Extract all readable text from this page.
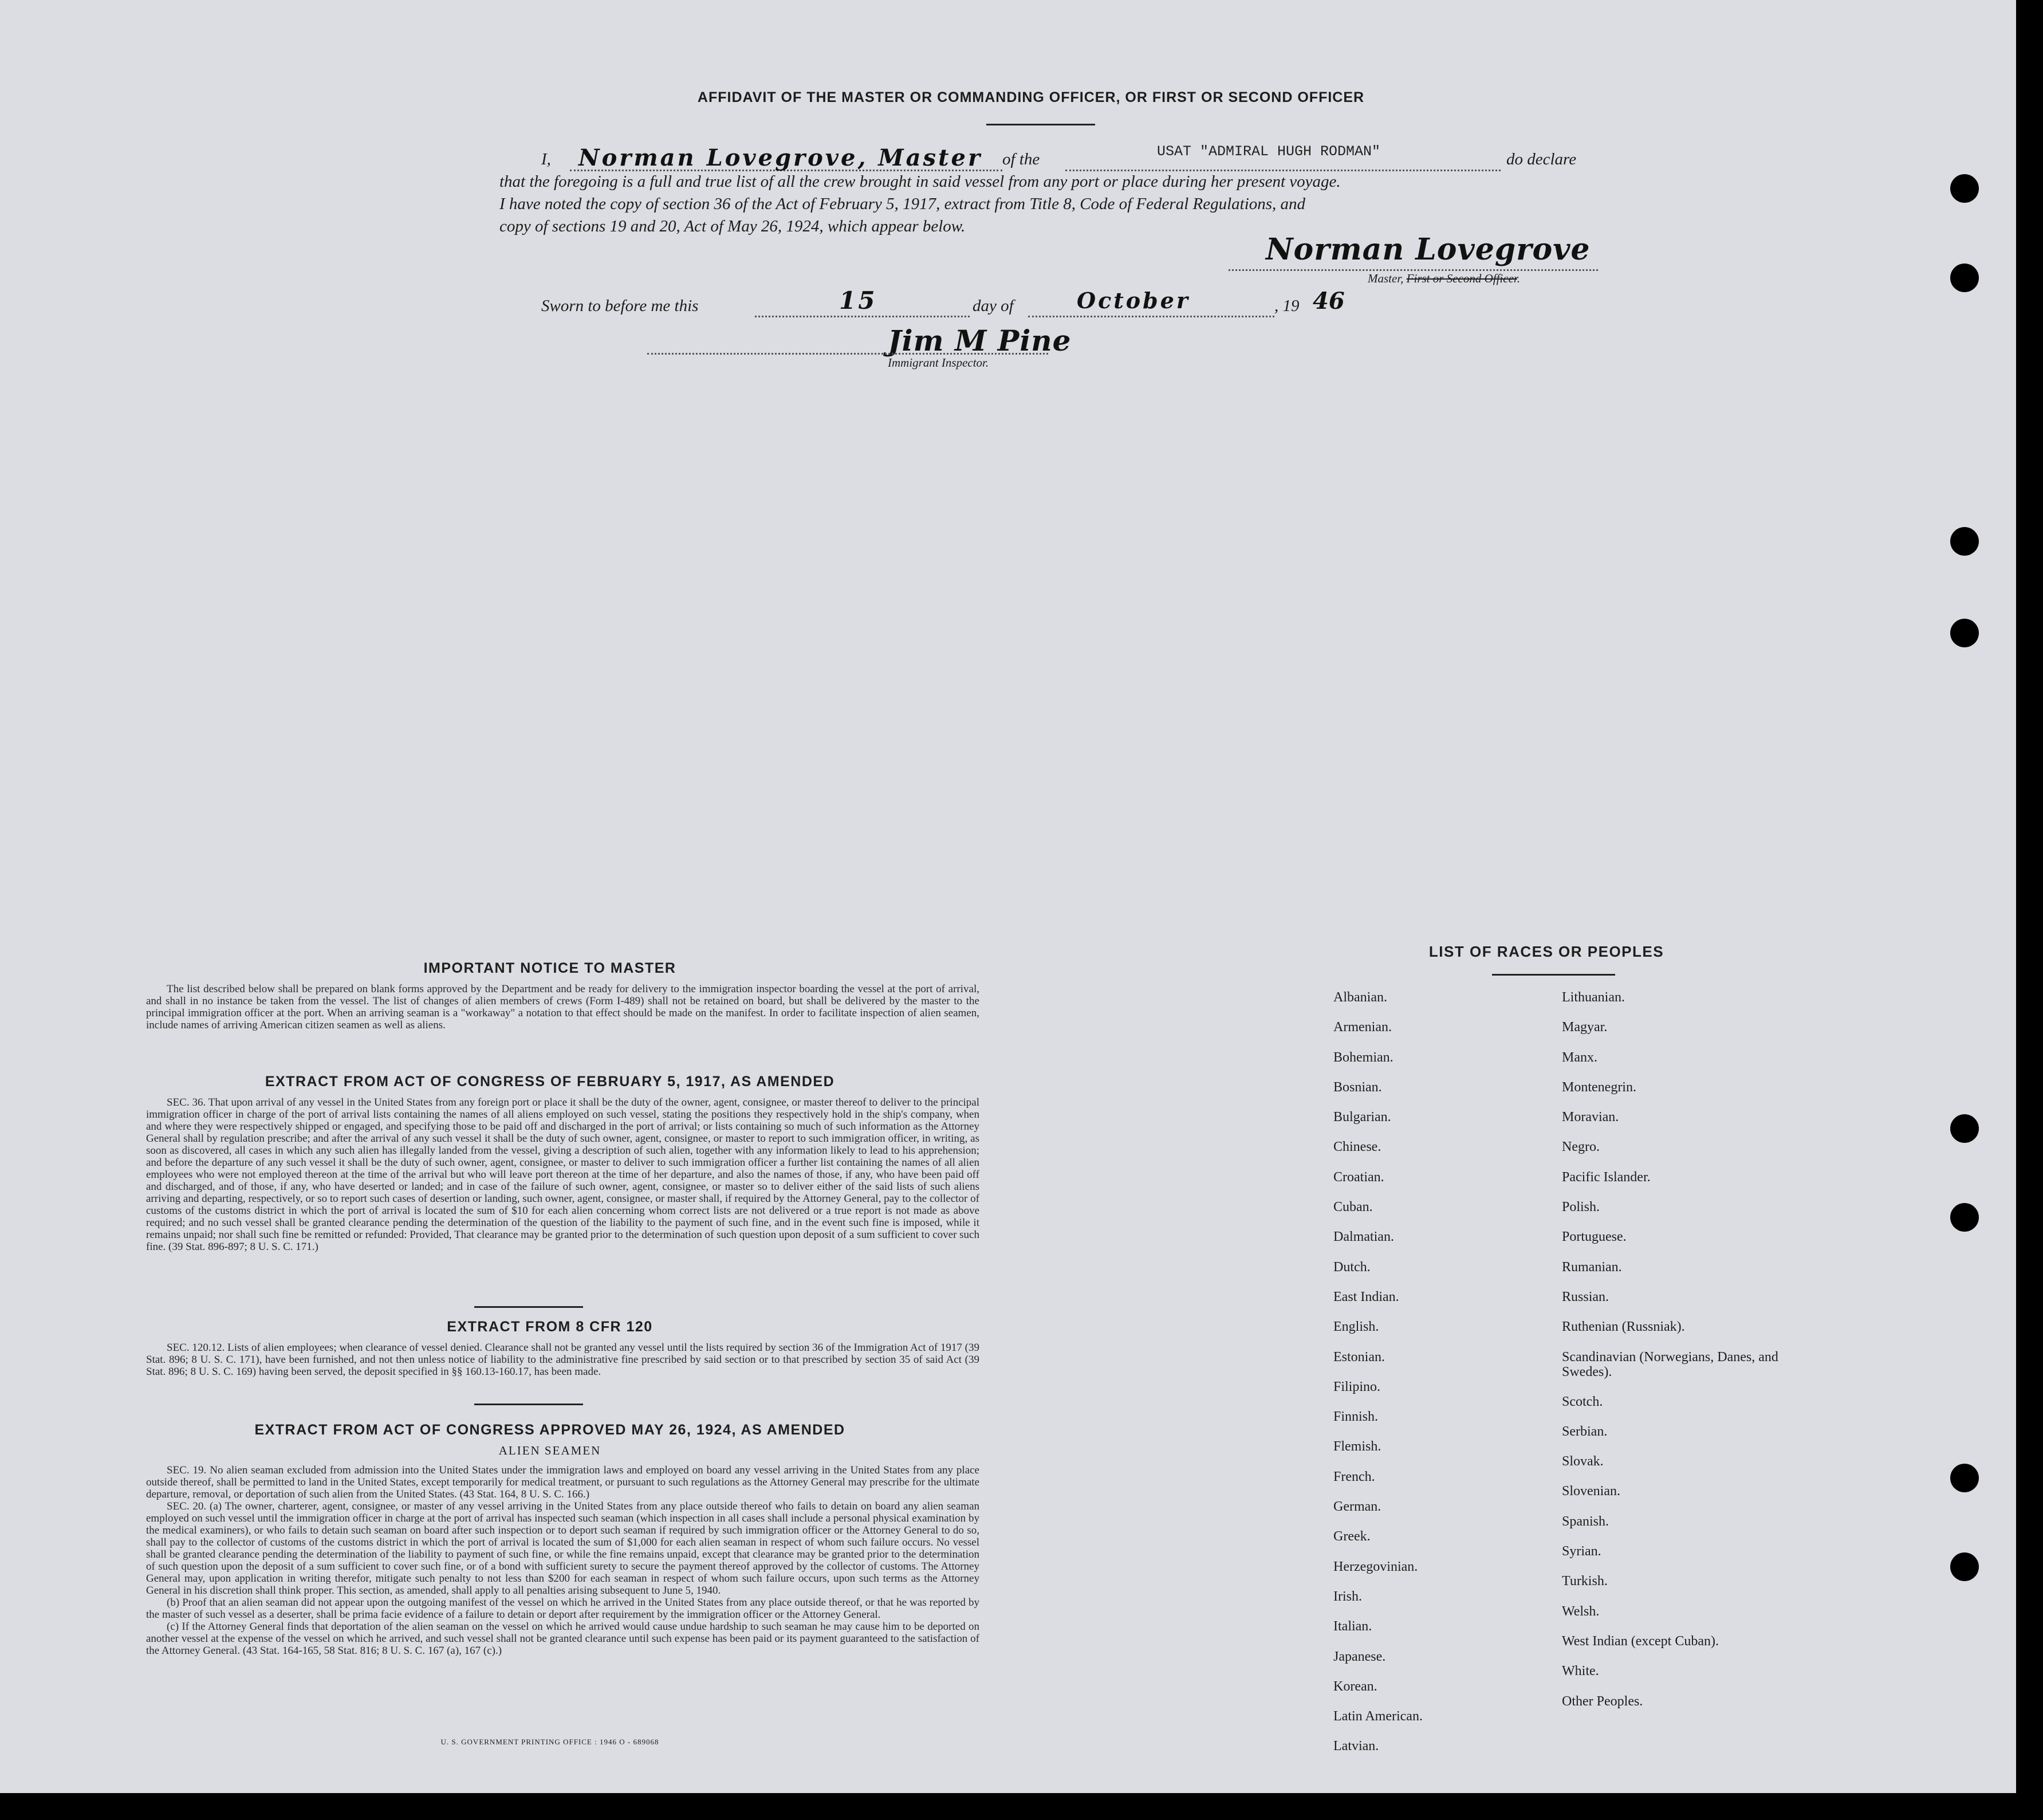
AFFIDAVIT OF THE MASTER OR COMMANDING OFFICER, OR FIRST OR SECOND OFFICER
I, Norman Lovegrove, Master of the	USAT "ADMIRAL HUGH RODMAN"	do declare
that the foregoing is a full and true list of all the crew brought in said vessel from any port or place during her present voyage.
I have noted the copy of section 36 of the Act of February 5, 1917, extract from Title 8, Code of Federal Regulations, and
copy of sections 19 and 20, Act of May 26, 1924, which appear below.
Norman Lovegrove
Master, First or Second Officer.
Sworn to before me this	15	day of	October	, 19 46
Jim M Pine
Immigrant Inspector.
IMPORTANT NOTICE TO MASTER

The list described below shall be prepared on blank forms approved by the Department and be ready for delivery to the immigration inspector boarding the vessel at the port of arrival, and shall in no instance be taken from the vessel. The list of changes of alien members of crews (Form I-489) shall not be retained on board, but shall be delivered by the master to the principal immigration officer at the port. When an arriving seaman is a "workaway" a notation to that effect should be made on the manifest. In order to facilitate inspection of alien seamen, include names of arriving American citizen seamen as well as aliens.

EXTRACT FROM ACT OF CONGRESS OF FEBRUARY 5, 1917, AS AMENDED

SEC. 36. That upon arrival of any vessel in the United States from any foreign port or place it shall be the duty of the owner, agent, consignee, or master thereof to deliver to the principal immigration officer in charge of the port of arrival lists containing the names of all aliens employed on such vessel, stating the positions they respectively hold in the ship's company, when and where they were respectively shipped or engaged, and specifying those to be paid off and discharged in the port of arrival; or lists containing so much of such information as the Attorney General shall by regulation prescribe; and after the arrival of any such vessel it shall be the duty of such owner, agent, consignee, or master to report to such immigration officer, in writing, as soon as discovered, all cases in which any such alien has illegally landed from the vessel, giving a description of such alien, together with any information likely to lead to his apprehension; and before the departure of any such vessel it shall be the duty of such owner, agent, consignee, or master to deliver to such immigration officer a further list containing the names of all alien employees who were not employed thereon at the time of the arrival but who will leave port thereon at the time of her departure, and also the names of those, if any, who have been paid off and discharged, and of those, if any, who have deserted or landed; and in case of the failure of such owner, agent, consignee, or master so to deliver either of the said lists of such aliens arriving and departing, respectively, or so to report such cases of desertion or landing, such owner, agent, consignee, or master shall, if required by the Attorney General, pay to the collector of customs of the customs district in which the port of arrival is located the sum of $10 for each alien concerning whom correct lists are not delivered or a true report is not made as above required; and no such vessel shall be granted clearance pending the determination of the question of the liability to the payment of such fine, and in the event such fine is imposed, while it remains unpaid; nor shall such fine be remitted or refunded: Provided, That clearance may be granted prior to the determination of such question upon deposit of a sum sufficient to cover such fine. (39 Stat. 896-897; 8 U. S. C. 171.)

EXTRACT FROM 8 CFR 120

SEC. 120.12. Lists of alien employees; when clearance of vessel denied. Clearance shall not be granted any vessel until the lists required by section 36 of the Immigration Act of 1917 (39 Stat. 896; 8 U. S. C. 171), have been furnished, and not then unless notice of liability to the administrative fine prescribed by said section or to that prescribed by section 35 of said Act (39 Stat. 896; 8 U. S. C. 169) having been served, the deposit specified in §§ 160.13-160.17, has been made.

EXTRACT FROM ACT OF CONGRESS APPROVED MAY 26, 1924, AS AMENDED
ALIEN SEAMEN

SEC. 19. No alien seaman excluded from admission into the United States under the immigration laws and employed on board any vessel arriving in the United States from any place outside thereof, shall be permitted to land in the United States, except temporarily for medical treatment, or pursuant to such regulations as the Attorney General may prescribe for the ultimate departure, removal, or deportation of such alien from the United States. (43 Stat. 164, 8 U. S. C. 166.)

SEC. 20. (a) The owner, charterer, agent, consignee, or master of any vessel arriving in the United States from any place outside thereof who fails to detain on board any alien seaman employed on such vessel until the immigration officer in charge at the port of arrival has inspected such seaman (which inspection in all cases shall include a personal physical examination by the medical examiners), or who fails to detain such seaman on board after such inspection or to deport such seaman if required by such immigration officer or the Attorney General to do so, shall pay to the collector of customs of the customs district in which the port of arrival is located the sum of $1,000 for each alien seaman in respect of whom such failure occurs. No vessel shall be granted clearance pending the determination of the liability to payment of such fine, or while the fine remains unpaid, except that clearance may be granted prior to the determination of such question upon the deposit of a sum sufficient to cover such fine, or of a bond with sufficient surety to secure the payment thereof approved by the collector of customs. The Attorney General may, upon application in writing therefor, mitigate such penalty to not less than $200 for each seaman in respect of whom such failure occurs, upon such terms as the Attorney General in his discretion shall think proper. This section, as amended, shall apply to all penalties arising subsequent to June 5, 1940.

(b) Proof that an alien seaman did not appear upon the outgoing manifest of the vessel on which he arrived in the United States from any place outside thereof, or that he was reported by the master of such vessel as a deserter, shall be prima facie evidence of a failure to detain or deport after requirement by the immigration officer or the Attorney General.

(c) If the Attorney General finds that deportation of the alien seaman on the vessel on which he arrived would cause undue hardship to such seaman he may cause him to be deported on another vessel at the expense of the vessel on which he arrived, and such vessel shall not be granted clearance until such expense has been paid or its payment guaranteed to the satisfaction of the Attorney General. (43 Stat. 164-165, 58 Stat. 816; 8 U. S. C. 167 (a), 167 (c).)

U. S. GOVERNMENT PRINTING OFFICE : 1946 O - 689068
LIST OF RACES OR PEOPLES
Albanian.
Armenian.
Bohemian.
Bosnian.
Bulgarian.
Chinese.
Croatian.
Cuban.
Dalmatian.
Dutch.
East Indian.
English.
Estonian.
Filipino.
Finnish.
Flemish.
French.
German.
Greek.
Herzegovinian.
Irish.
Italian.
Japanese.
Korean.
Latin American.
Latvian.
Lithuanian.
Magyar.
Manx.
Montenegrin.
Moravian.
Negro.
Pacific Islander.
Polish.
Portuguese.
Rumanian.
Russian.
Ruthenian (Russniak).
Scandinavian (Norwegians, Danes, and Swedes).
Scotch.
Serbian.
Slovak.
Slovenian.
Spanish.
Syrian.
Turkish.
Welsh.
West Indian (except Cuban).
White.
Other Peoples.
